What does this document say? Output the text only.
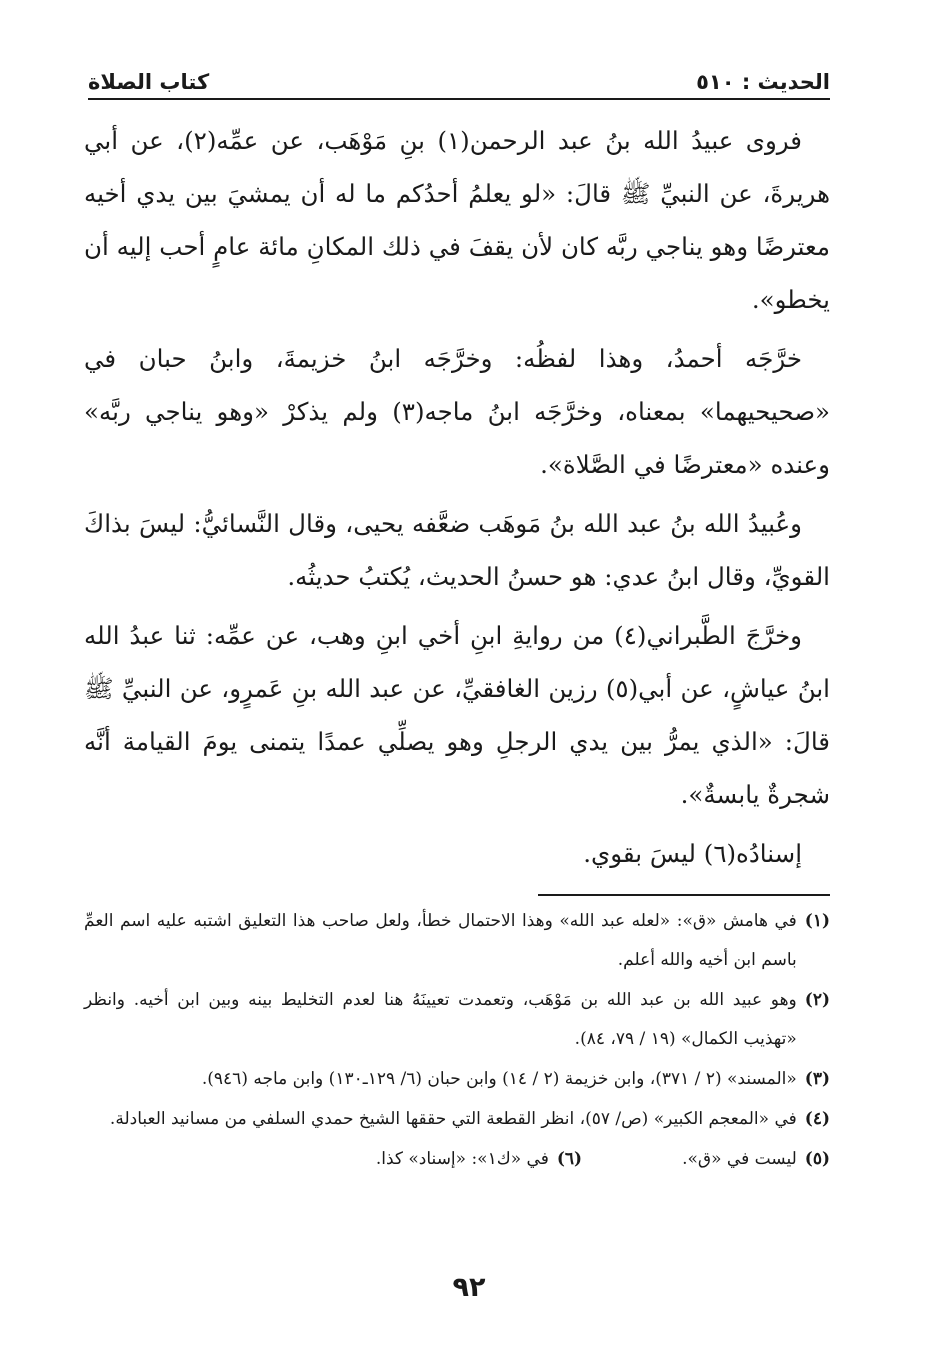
الحديث : ٥١٠
كتاب الصلاة

فروى عبيدُ الله بنُ عبد الرحمن(١) بنِ مَوْهَب، عن عمِّه(٢)، عن أبي هريرةَ، عن النبيِّ ﷺ قالَ: «لو يعلمُ أحدُكم ما له أن يمشيَ بين يدي أخيه معترضًا وهو يناجي ربَّه كان لأن يقفَ في ذلك المكانِ مائة عامٍ أحب إليه أن يخطو».

خرَّجَه أحمدُ، وهذا لفظُه: وخرَّجَه ابنُ خزيمةَ، وابنُ حبان في «صحيحيهما» بمعناه، وخرَّجَه ابنُ ماجه(٣) ولم يذكرْ «وهو يناجي ربَّه» وعنده «معترضًا في الصَّلاة».

وعُبيدُ الله بنُ عبد الله بنُ مَوهَب ضعَّفه يحيى، وقال النَّسائيُّ: ليسَ بذاكَ القويِّ، وقال ابنُ عدي: هو حسنُ الحديث، يُكتبُ حديثُه.

وخرَّجَ الطَّبراني(٤) من روايةِ ابنِ أخي ابنِ وهب، عن عمِّه: ثنا عبدُ الله ابنُ عياشٍ، عن أبي(٥) رزين الغافقيِّ، عن عبد الله بنِ عَمرٍو، عن النبيِّ ﷺ قالَ: «الذي يمرُّ بين يدي الرجلِ وهو يصلِّي عمدًا يتمنى يومَ القيامة أنَّه شجرةٌ يابسةٌ».

إسنادُه(٦) ليسَ بقوي.

(١)
في هامش «ق»: «لعله عبد الله» وهذا الاحتمال خطأ، ولعل صاحب هذا التعليق اشتبه عليه اسم العمِّ باسم ابن أخيه والله أعلم.
(٢)
وهو عبيد الله بن عبد الله بن مَوْهَب، وتعمدت تعيينَهُ هنا لعدم التخليط بينه وبين ابن أخيه. وانظر «تهذيب الكمال» (١٩ / ٧٩، ٨٤).
(٣)
«المسند» (٢ / ٣٧١)، وابن خزيمة (٢ / ١٤) وابن حبان (٦/ ١٢٩ـ١٣٠) وابن ماجه (٩٤٦).
(٤)
في «المعجم الكبير» (ص/ ٥٧)، انظر القطعة التي حققها الشيخ حمدي السلفي من مسانيد العبادلة.
(٥)
ليست في «ق».
(٦)
في «ك١»: «إسناد» كذا.
٩٢
